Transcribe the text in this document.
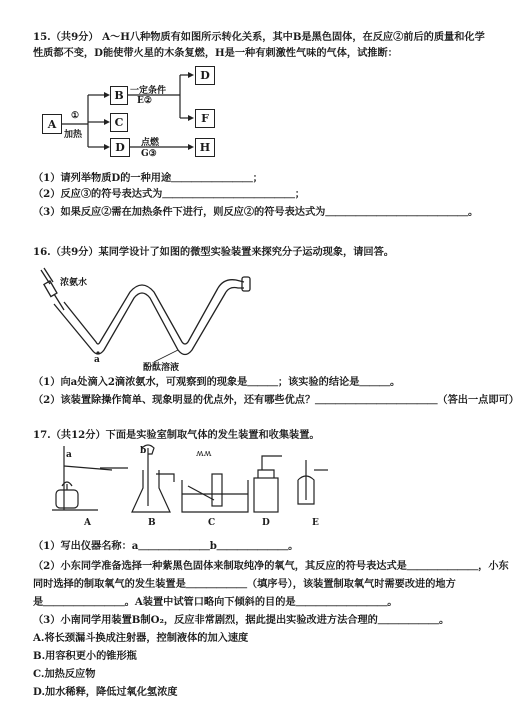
15.（共9分） A～H八种物质有如图所示转化关系，其中B是黑色固体，在反应②前后的质量和化学
性质都不变，D能使带火星的木条复燃，H是一种有刺激性气味的气体，试推断：
A
B
C
D
D
F
H
①
加热
一定条件
E②
点燃
G③
（1）请列举物质D的一种用途＿＿＿＿＿＿＿＿；
（2）反应③的符号表达式为＿＿＿＿＿＿＿＿＿＿＿＿＿；
（3）如果反应②需在加热条件下进行，则反应②的符号表达式为＿＿＿＿＿＿＿＿＿＿＿＿＿＿。
16.（共9分）某同学设计了如图的微型实验装置来探究分子运动现象，请回答。
浓氨水
a
酚酞溶液
（1）向a处滴入2滴浓氨水，可观察到的现象是＿＿＿；该实验的结论是＿＿＿。
（2）该装置除操作简单、现象明显的优点外，还有哪些优点？＿＿＿＿＿＿＿＿＿＿＿＿（答出一点即可）
17.（共12分）下面是实验室制取气体的发生装置和收集装置。
ʍʍ
A	B	C	D	E
a	b
（1）写出仪器名称：a＿＿＿＿＿＿＿b＿＿＿＿＿＿＿。
（2）小东同学准备选择一种紫黑色固体来制取纯净的氧气，其反应的符号表达式是＿＿＿＿＿＿＿，小东
同时选择的制取氧气的发生装置是＿＿＿＿＿＿（填序号），该装置制取氧气时需要改进的地方
是＿＿＿＿＿＿＿＿。A装置中试管口略向下倾斜的目的是＿＿＿＿＿＿＿＿＿。
（3）小南同学用装置B制O₂，反应非常剧烈，据此提出实验改进方法合理的＿＿＿＿＿＿。
A.将长颈漏斗换成注射器，控制液体的加入速度
B.用容积更小的锥形瓶
C.加热反应物
D.加水稀释，降低过氧化氢浓度
